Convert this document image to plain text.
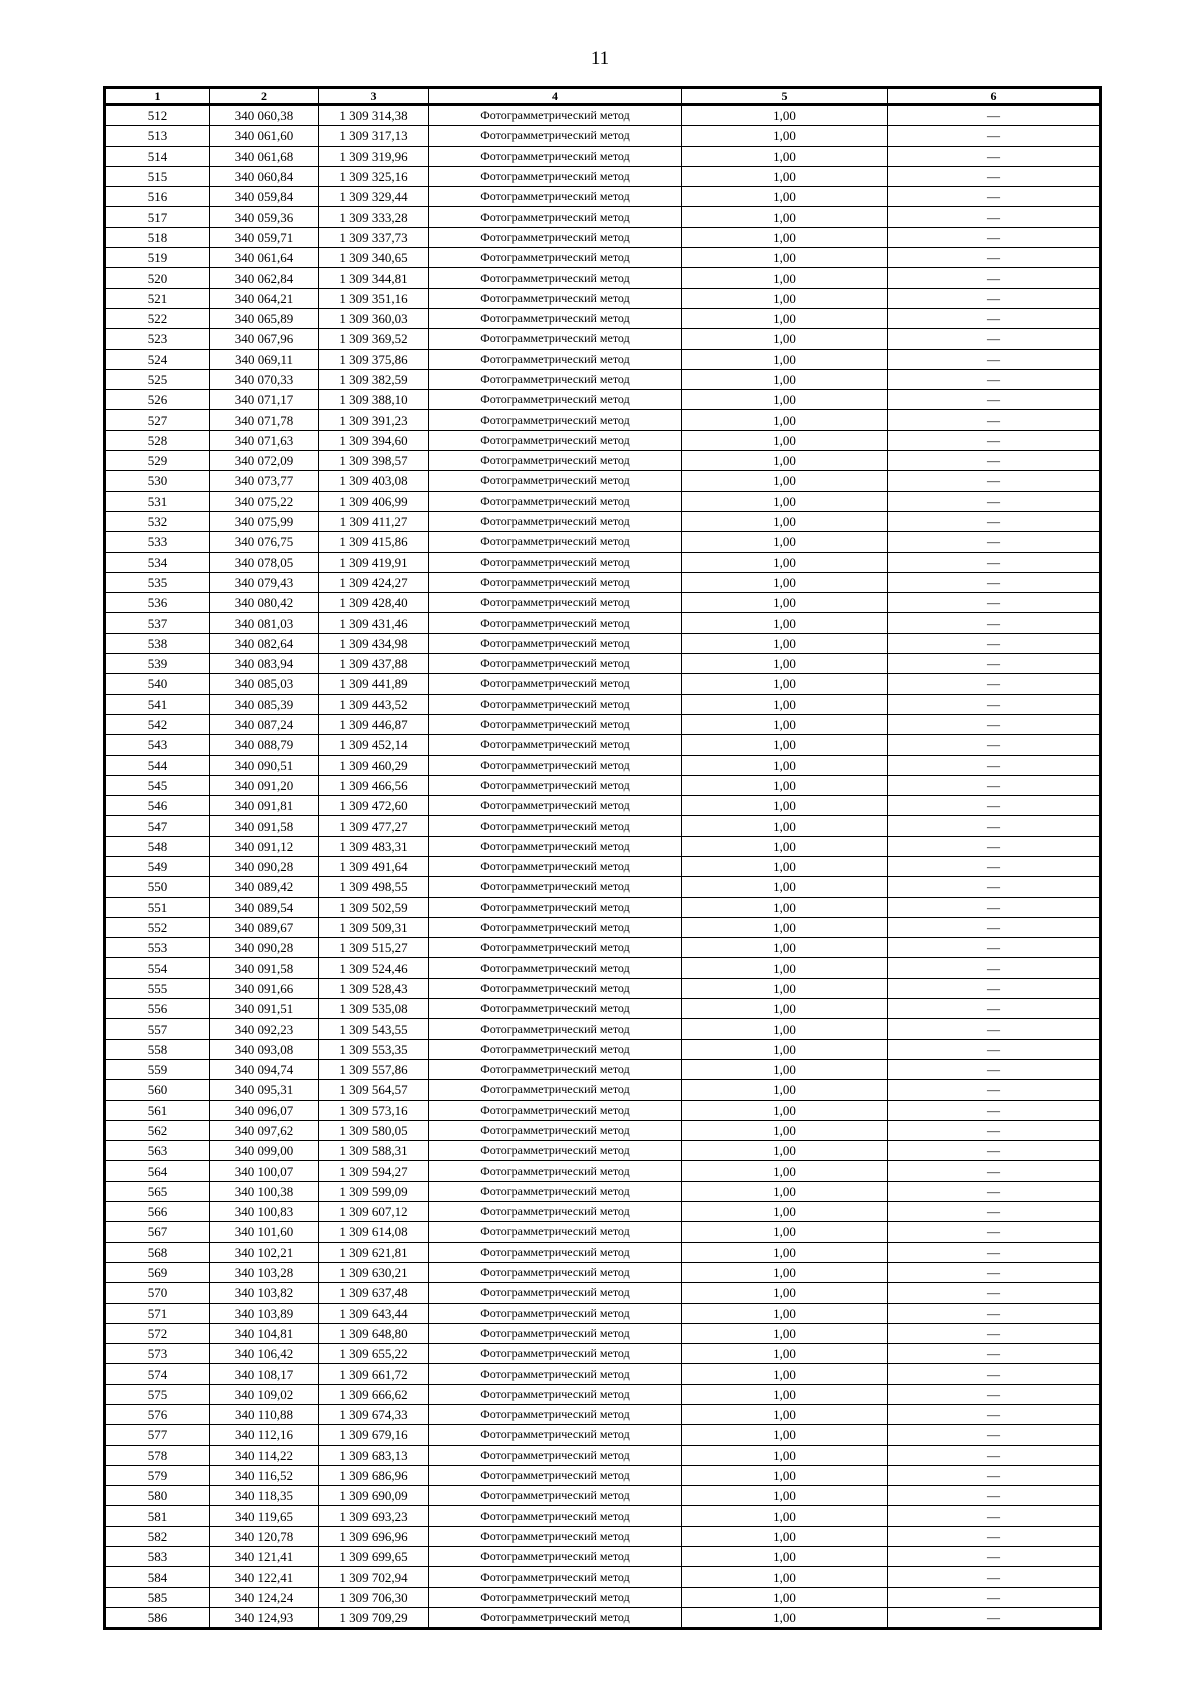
11
1	2	3	4	5	6
512	340 060,38	1 309 314,38	Фотограмметрический метод	1,00	—
513	340 061,60	1 309 317,13	Фотограмметрический метод	1,00	—
514	340 061,68	1 309 319,96	Фотограмметрический метод	1,00	—
515	340 060,84	1 309 325,16	Фотограмметрический метод	1,00	—
516	340 059,84	1 309 329,44	Фотограмметрический метод	1,00	—
517	340 059,36	1 309 333,28	Фотограмметрический метод	1,00	—
518	340 059,71	1 309 337,73	Фотограмметрический метод	1,00	—
519	340 061,64	1 309 340,65	Фотограмметрический метод	1,00	—
520	340 062,84	1 309 344,81	Фотограмметрический метод	1,00	—
521	340 064,21	1 309 351,16	Фотограмметрический метод	1,00	—
522	340 065,89	1 309 360,03	Фотограмметрический метод	1,00	—
523	340 067,96	1 309 369,52	Фотограмметрический метод	1,00	—
524	340 069,11	1 309 375,86	Фотограмметрический метод	1,00	—
525	340 070,33	1 309 382,59	Фотограмметрический метод	1,00	—
526	340 071,17	1 309 388,10	Фотограмметрический метод	1,00	—
527	340 071,78	1 309 391,23	Фотограмметрический метод	1,00	—
528	340 071,63	1 309 394,60	Фотограмметрический метод	1,00	—
529	340 072,09	1 309 398,57	Фотограмметрический метод	1,00	—
530	340 073,77	1 309 403,08	Фотограмметрический метод	1,00	—
531	340 075,22	1 309 406,99	Фотограмметрический метод	1,00	—
532	340 075,99	1 309 411,27	Фотограмметрический метод	1,00	—
533	340 076,75	1 309 415,86	Фотограмметрический метод	1,00	—
534	340 078,05	1 309 419,91	Фотограмметрический метод	1,00	—
535	340 079,43	1 309 424,27	Фотограмметрический метод	1,00	—
536	340 080,42	1 309 428,40	Фотограмметрический метод	1,00	—
537	340 081,03	1 309 431,46	Фотограмметрический метод	1,00	—
538	340 082,64	1 309 434,98	Фотограмметрический метод	1,00	—
539	340 083,94	1 309 437,88	Фотограмметрический метод	1,00	—
540	340 085,03	1 309 441,89	Фотограмметрический метод	1,00	—
541	340 085,39	1 309 443,52	Фотограмметрический метод	1,00	—
542	340 087,24	1 309 446,87	Фотограмметрический метод	1,00	—
543	340 088,79	1 309 452,14	Фотограмметрический метод	1,00	—
544	340 090,51	1 309 460,29	Фотограмметрический метод	1,00	—
545	340 091,20	1 309 466,56	Фотограмметрический метод	1,00	—
546	340 091,81	1 309 472,60	Фотограмметрический метод	1,00	—
547	340 091,58	1 309 477,27	Фотограмметрический метод	1,00	—
548	340 091,12	1 309 483,31	Фотограмметрический метод	1,00	—
549	340 090,28	1 309 491,64	Фотограмметрический метод	1,00	—
550	340 089,42	1 309 498,55	Фотограмметрический метод	1,00	—
551	340 089,54	1 309 502,59	Фотограмметрический метод	1,00	—
552	340 089,67	1 309 509,31	Фотограмметрический метод	1,00	—
553	340 090,28	1 309 515,27	Фотограмметрический метод	1,00	—
554	340 091,58	1 309 524,46	Фотограмметрический метод	1,00	—
555	340 091,66	1 309 528,43	Фотограмметрический метод	1,00	—
556	340 091,51	1 309 535,08	Фотограмметрический метод	1,00	—
557	340 092,23	1 309 543,55	Фотограмметрический метод	1,00	—
558	340 093,08	1 309 553,35	Фотограмметрический метод	1,00	—
559	340 094,74	1 309 557,86	Фотограмметрический метод	1,00	—
560	340 095,31	1 309 564,57	Фотограмметрический метод	1,00	—
561	340 096,07	1 309 573,16	Фотограмметрический метод	1,00	—
562	340 097,62	1 309 580,05	Фотограмметрический метод	1,00	—
563	340 099,00	1 309 588,31	Фотограмметрический метод	1,00	—
564	340 100,07	1 309 594,27	Фотограмметрический метод	1,00	—
565	340 100,38	1 309 599,09	Фотограмметрический метод	1,00	—
566	340 100,83	1 309 607,12	Фотограмметрический метод	1,00	—
567	340 101,60	1 309 614,08	Фотограмметрический метод	1,00	—
568	340 102,21	1 309 621,81	Фотограмметрический метод	1,00	—
569	340 103,28	1 309 630,21	Фотограмметрический метод	1,00	—
570	340 103,82	1 309 637,48	Фотограмметрический метод	1,00	—
571	340 103,89	1 309 643,44	Фотограмметрический метод	1,00	—
572	340 104,81	1 309 648,80	Фотограмметрический метод	1,00	—
573	340 106,42	1 309 655,22	Фотограмметрический метод	1,00	—
574	340 108,17	1 309 661,72	Фотограмметрический метод	1,00	—
575	340 109,02	1 309 666,62	Фотограмметрический метод	1,00	—
576	340 110,88	1 309 674,33	Фотограмметрический метод	1,00	—
577	340 112,16	1 309 679,16	Фотограмметрический метод	1,00	—
578	340 114,22	1 309 683,13	Фотограмметрический метод	1,00	—
579	340 116,52	1 309 686,96	Фотограмметрический метод	1,00	—
580	340 118,35	1 309 690,09	Фотограмметрический метод	1,00	—
581	340 119,65	1 309 693,23	Фотограмметрический метод	1,00	—
582	340 120,78	1 309 696,96	Фотограмметрический метод	1,00	—
583	340 121,41	1 309 699,65	Фотограмметрический метод	1,00	—
584	340 122,41	1 309 702,94	Фотограмметрический метод	1,00	—
585	340 124,24	1 309 706,30	Фотограмметрический метод	1,00	—
586	340 124,93	1 309 709,29	Фотограмметрический метод	1,00	—
